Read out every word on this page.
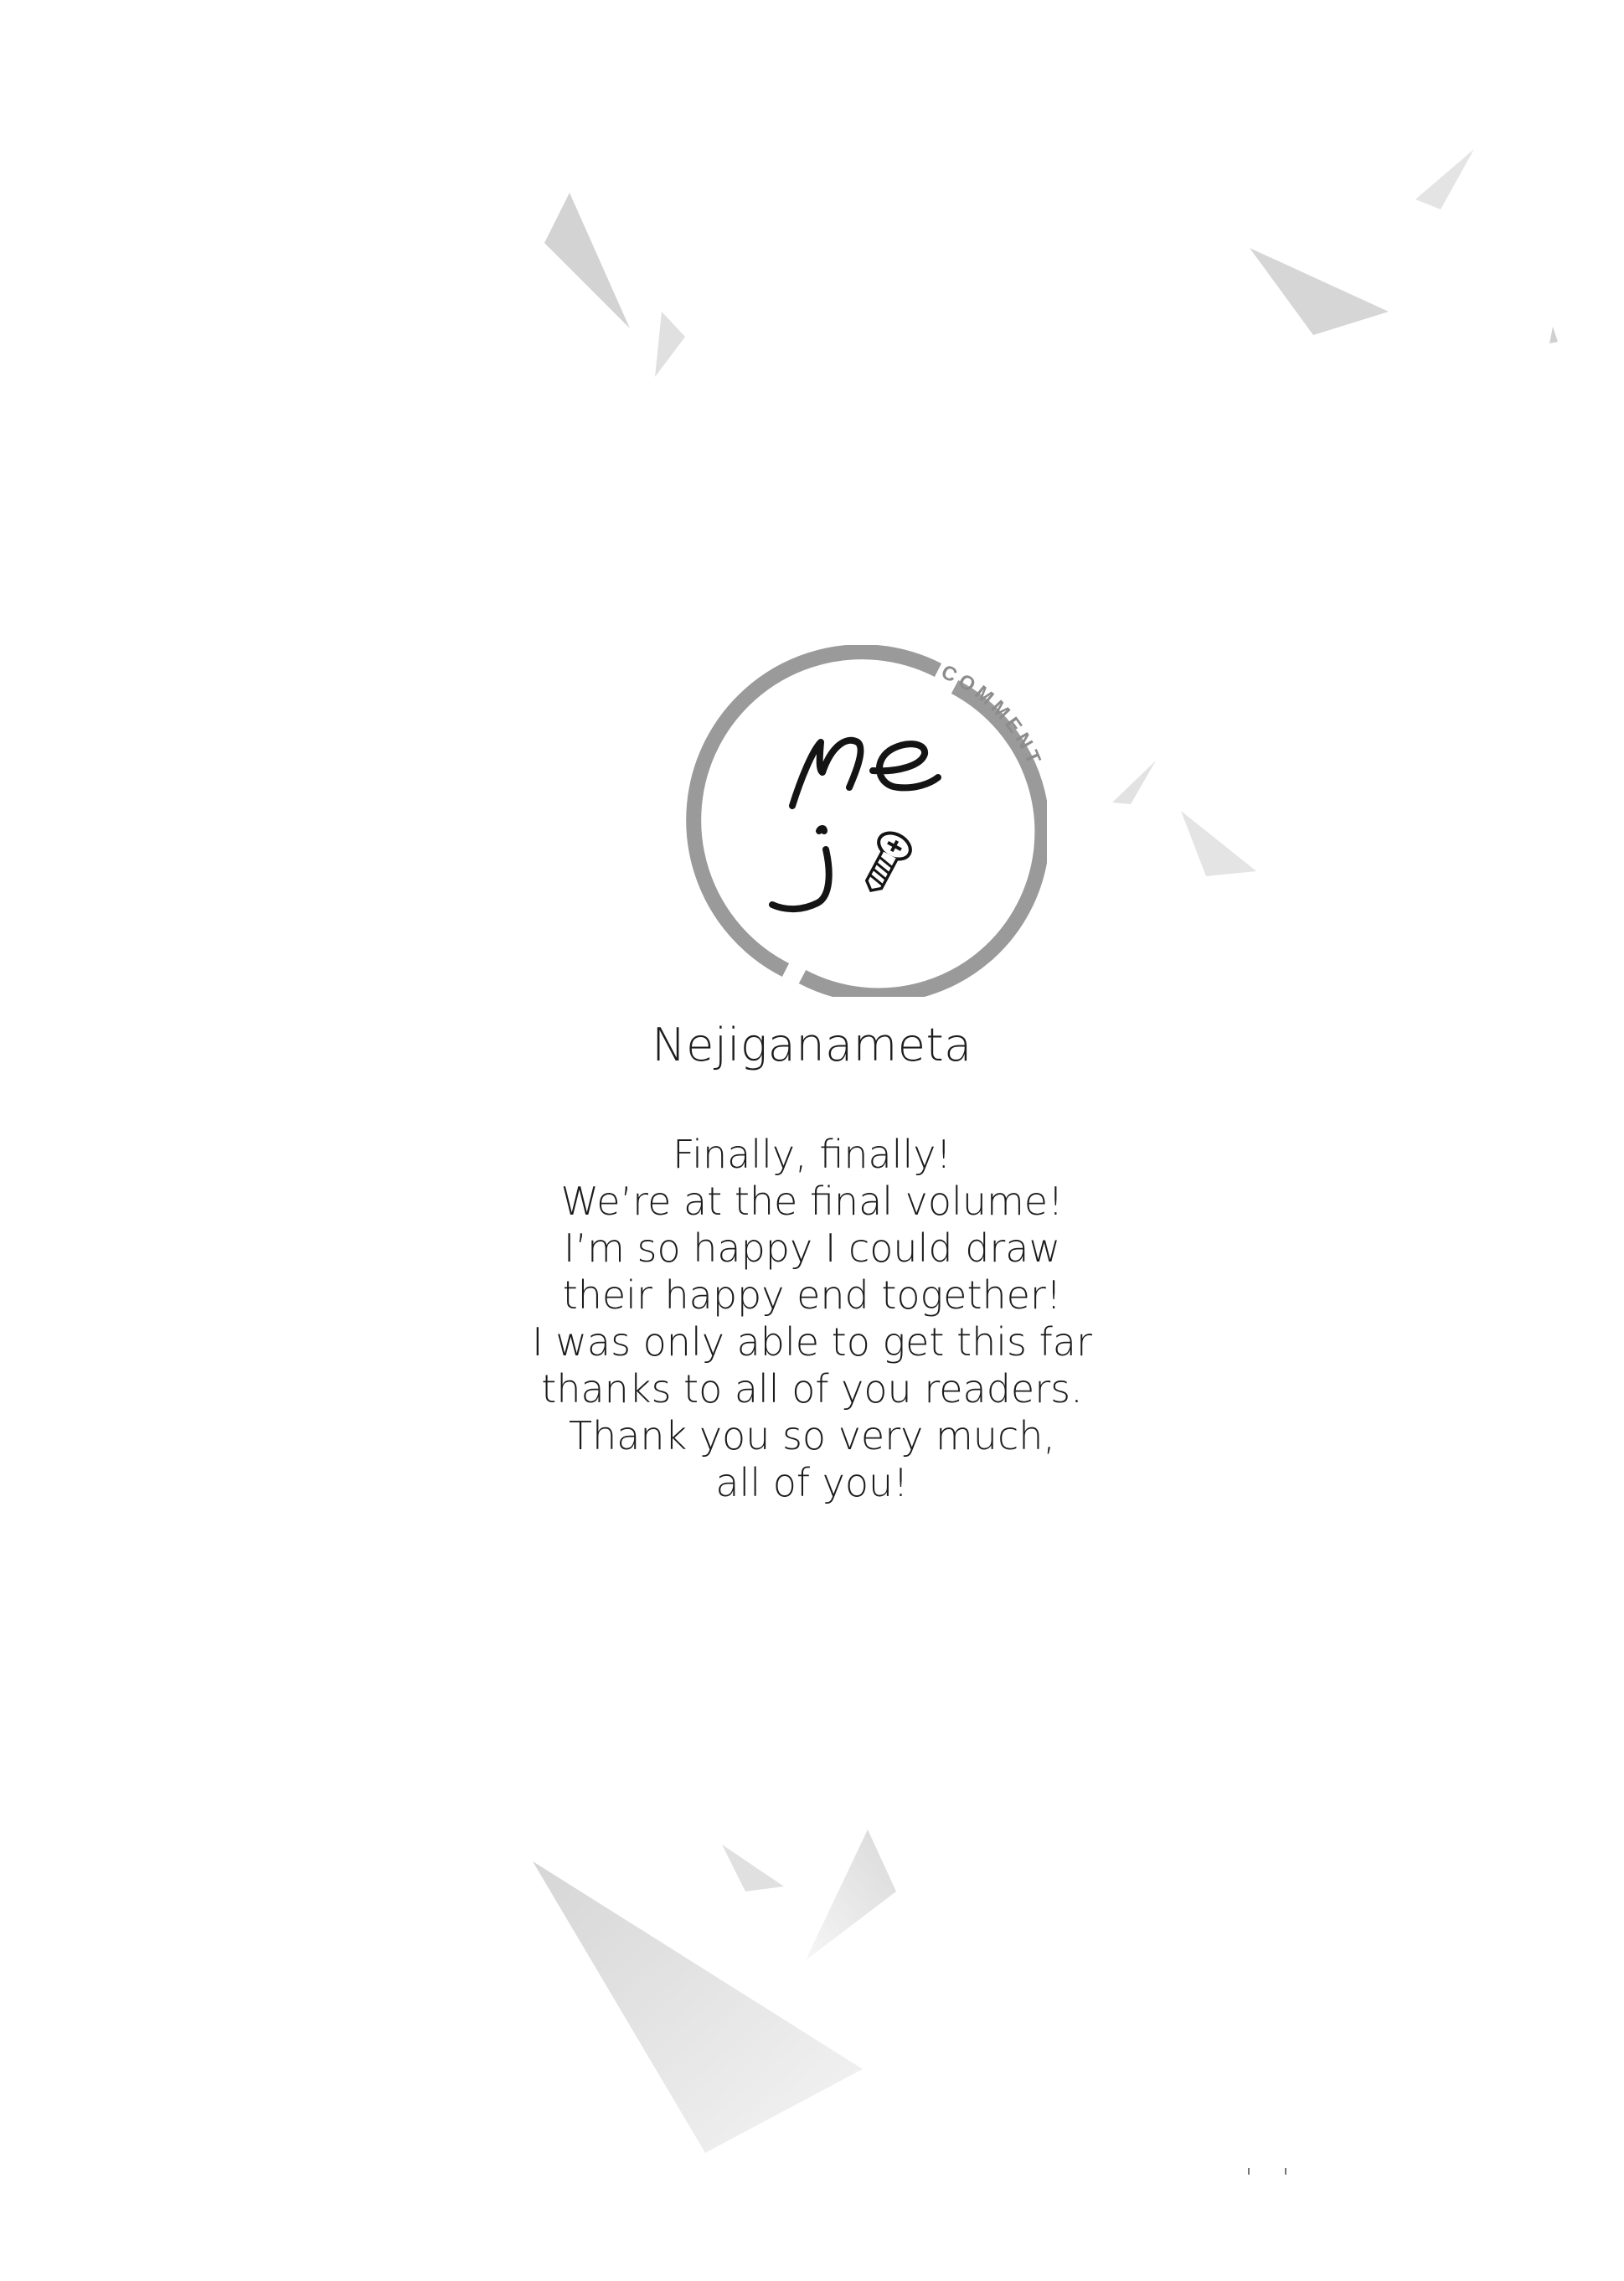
COMMENT
Nejiganameta
Finally, finally!
We’re at the final volume!
I’m so happy I could draw
their happy end together!
I was only able to get this far
thanks to all of you readers.
Thank you so very much,
all of you!
